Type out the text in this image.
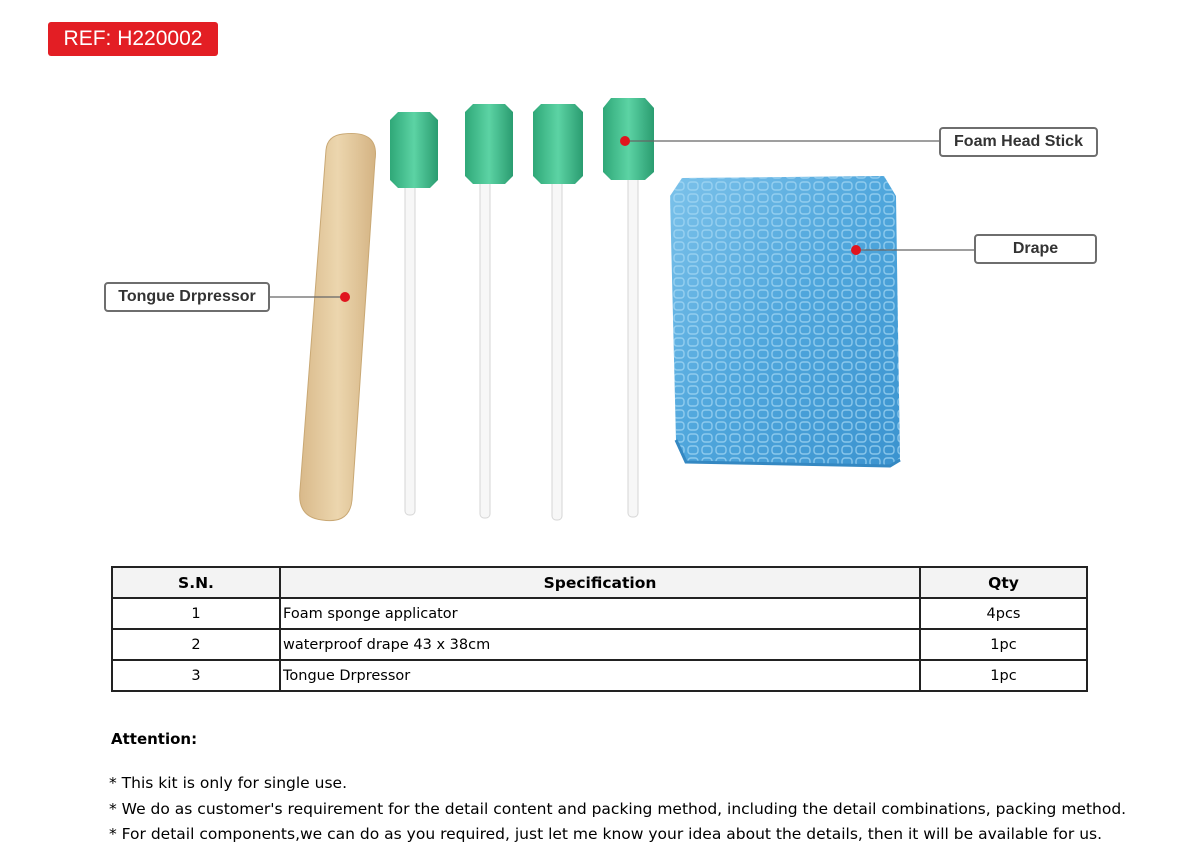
REF: H220002
Tongue Drpressor
Foam Head Stick
Drape
S.N.	Specification	Qty
1	Foam sponge applicator	4pcs
2	waterproof drape 43 x 38cm	1pc
3	Tongue Drpressor	1pc
Attention:
* This kit is only for single use.
* We do as customer's requirement for the detail content and packing method, including the detail combinations, packing method.
* For detail components,we can do as you required, just let me know your idea about the details, then it will be available for us.
